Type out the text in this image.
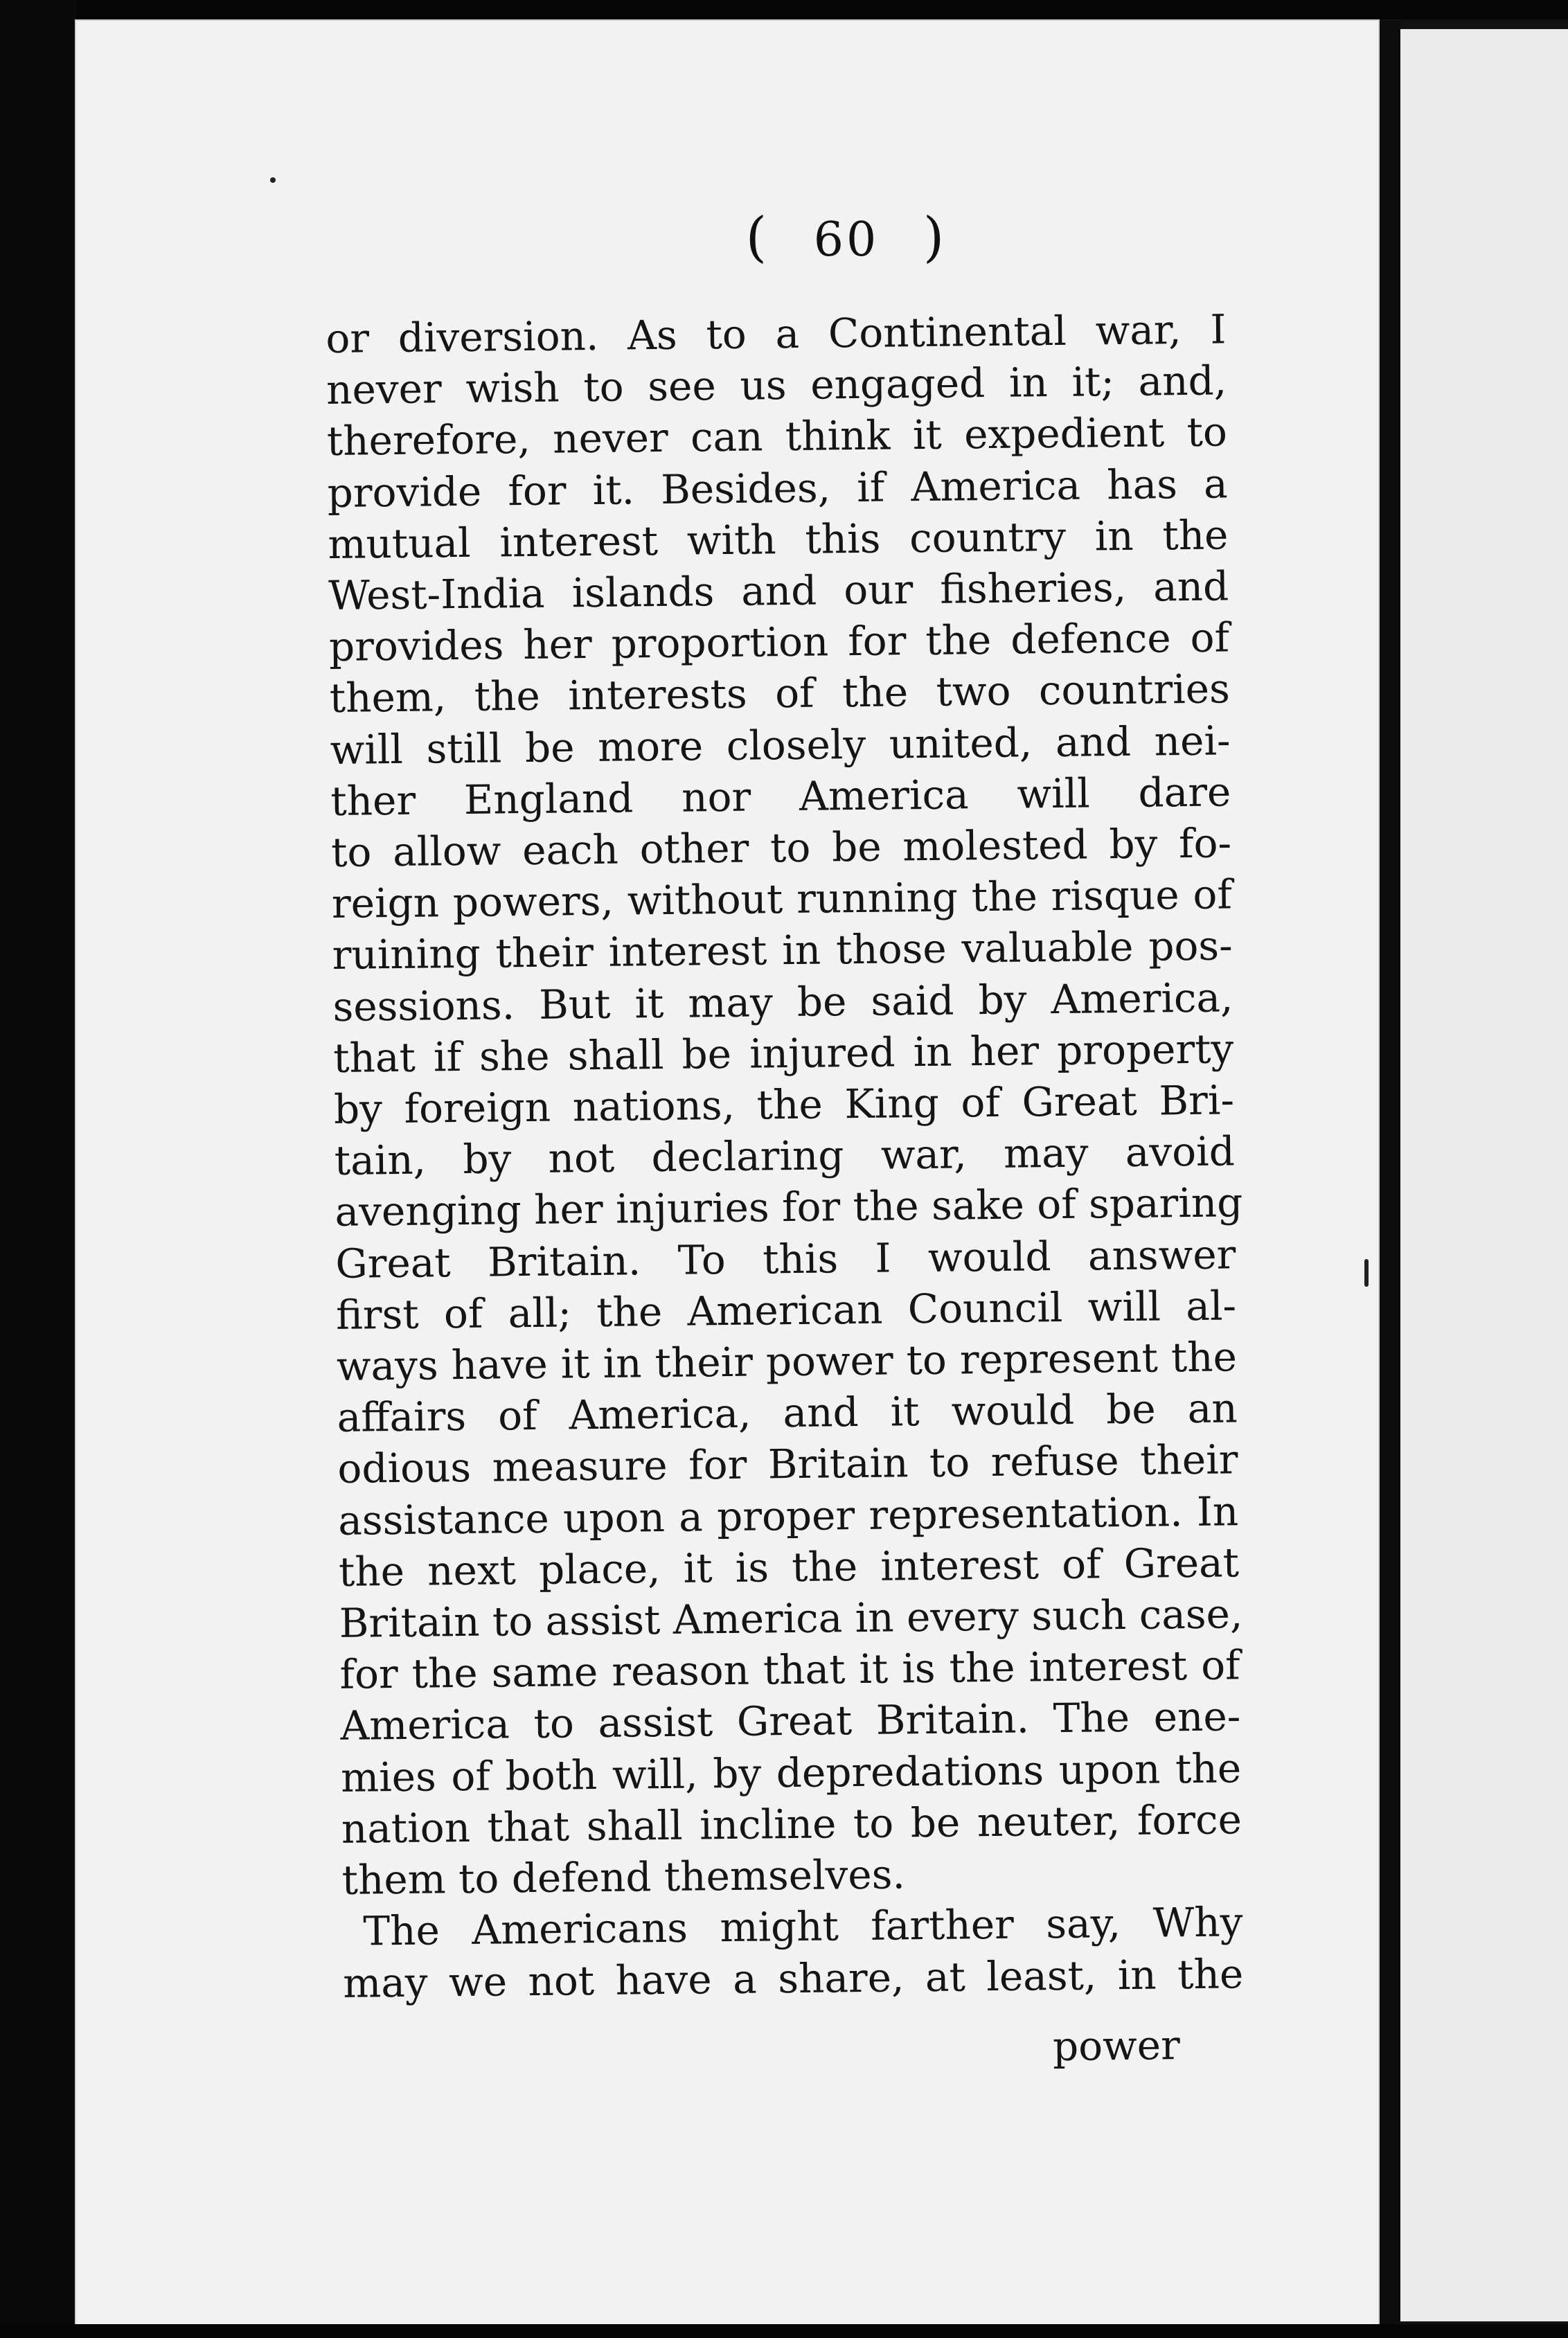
( 60 )
or diversion. As to a Continental war, I
never wish to see us engaged in it; and,
therefore, never can think it expedient to
provide for it. Besides, if America has a
mutual interest with this country in the
West-India islands and our fisheries, and
provides her proportion for the defence of
them, the interests of the two countries
will still be more closely united, and nei-
ther England nor America will dare
to allow each other to be molested by fo-
reign powers, without running the risque of
ruining their interest in those valuable pos-
sessions. But it may be said by America,
that if she shall be injured in her property
by foreign nations, the King of Great Bri-
tain, by not declaring war, may avoid
avenging her injuries for the sake of sparing
Great Britain. To this I would answer
first of all; the American Council will al-
ways have it in their power to represent the
affairs of America, and it would be an
odious measure for Britain to refuse their
assistance upon a proper representation. In
the next place, it is the interest of Great
Britain to assist America in every such case,
for the same reason that it is the interest of
America to assist Great Britain. The ene-
mies of both will, by depredations upon the
nation that shall incline to be neuter, force
them to defend themselves.
The Americans might farther say, Why
may we not have a share, at least, in the
power
